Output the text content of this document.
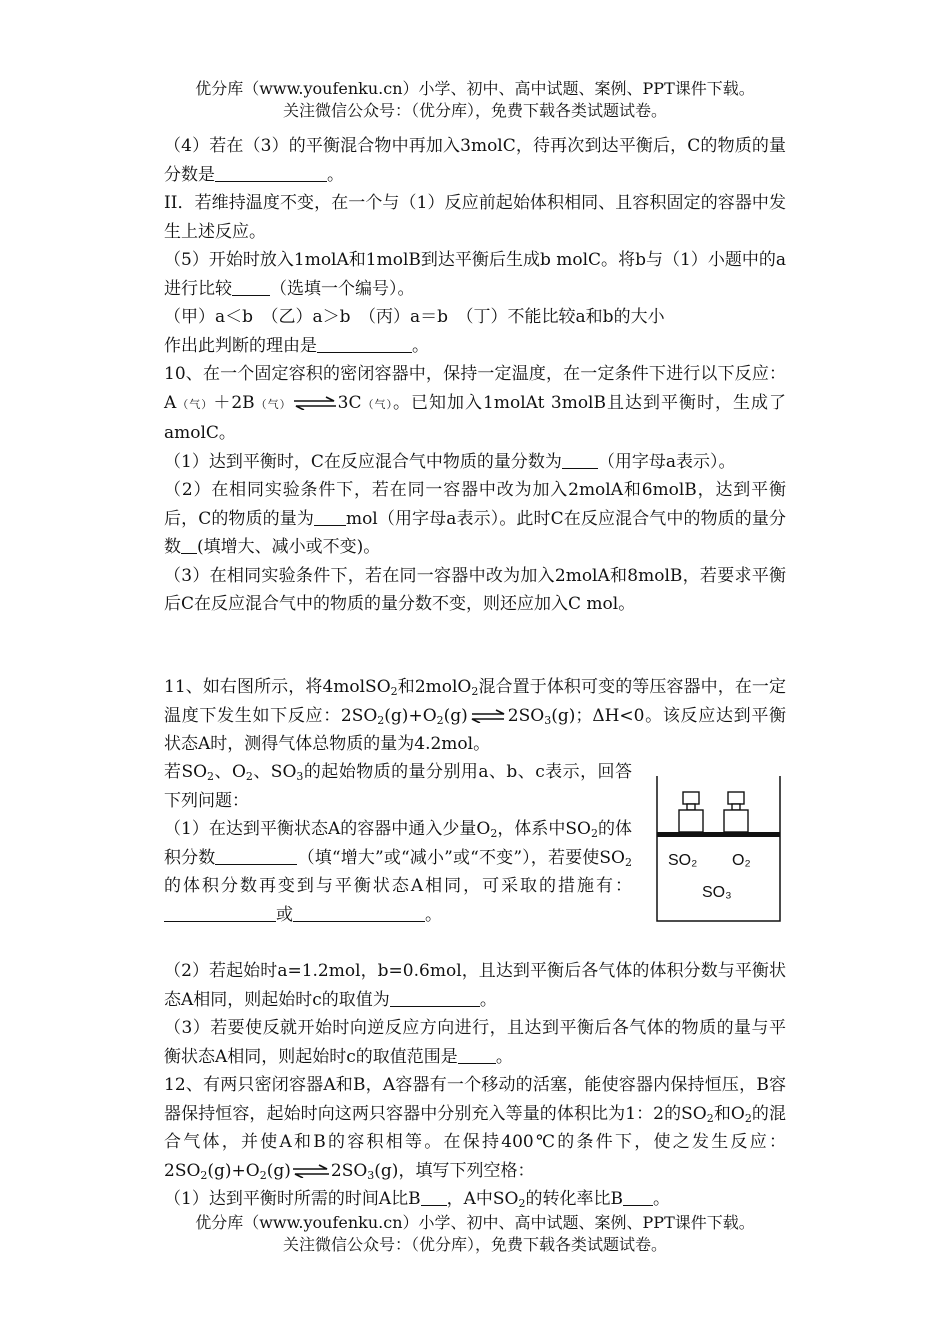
优分库（www.youfenku.cn）小学、初中、高中试题、案例、PPT课件下载。
关注微信公众号：（优分库），免费下载各类试题试卷。

（4）若在（3）的平衡混合物中再加入3molC，待再次到达平衡后，C的物质的量分数是	。

II．若维持温度不变，在一个与（1）反应前起始体积相同、且容积固定的容器中发生上述反应。

（5）开始时放入1molA和1molB到达平衡后生成b molC。将b与（1）小题中的a进行比较 （选填一个编号）。

（甲）a＜b　（乙）a＞b　（丙）a＝b　（丁）不能比较a和b的大小

作出此判断的理由是	。

10、在一个固定容积的密闭容器中，保持一定温度，在一定条件下进行以下反应：A（气）＋2B（气）⇌3C（气）。已知加入1molAt 3molB且达到平衡时，生成了amolC。

（1）达到平衡时，C在反应混合气中物质的量分数为 （用字母a表示）。

（2）在相同实验条件下，若在同一容器中改为加入2molA和6molB，达到平衡后，C的物质的量为 mol（用字母a表示）。此时C在反应混合气中的物质的量分数 (填增大、减小或不变)。

（3）在相同实验条件下，若在同一容器中改为加入2molA和8molB，若要求平衡后C在反应混合气中的物质的量分数不变，则还应加入C mol。

11、如右图所示，将4molSO$_2$和2molO$_2$混合置于体积可变的等压容器中，在一定温度下发生如下反应：$2SO_2(g)+O_2(g)\rightleftharpoons 2SO_3(g)$；ΔH<0。该反应达到平衡状态A时，测得气体总物质的量为4.2mol。

若$SO_2$、$O_2$、$SO_3$的起始物质的量分别用a、b、c表示，回答下列问题：

（1）在达到平衡状态A的容器中通入少量$O_2$，体系中$SO_2$的体积分数	（填“增大”或“减小”或“不变”），若要使$SO_2$的体积分数再变到与平衡状态A相同，可采取的措施有：或	。

SO₂ O₂
SO₃

（2）若起始时a=1.2mol，b=0.6mol，且达到平衡后各气体的体积分数与平衡状态A相同，则起始时c的取值为	。

（3）若要使反就开始时向逆反应方向进行，且达到平衡后各气体的物质的量与平衡状态A相同，则起始时c的取值范围是 。

12、有两只密闭容器A和B，A容器有一个移动的活塞，能使容器内保持恒压，B容器保持恒容，起始时向这两只容器中分别充入等量的体积比为1：2的$SO_2$和$O_2$的混合气体，并使A和B的容积相等。在保持400℃的条件下，使之发生反应：$2SO_2(g)+O_2(g)\rightleftharpoons 2SO_3(g)$，填写下列空格：

（1）达到平衡时所需的时间A比B ，A中$SO_2$的转化率比B 。

优分库（www.youfenku.cn）小学、初中、高中试题、案例、PPT课件下载。
关注微信公众号：（优分库），免费下载各类试题试卷。
